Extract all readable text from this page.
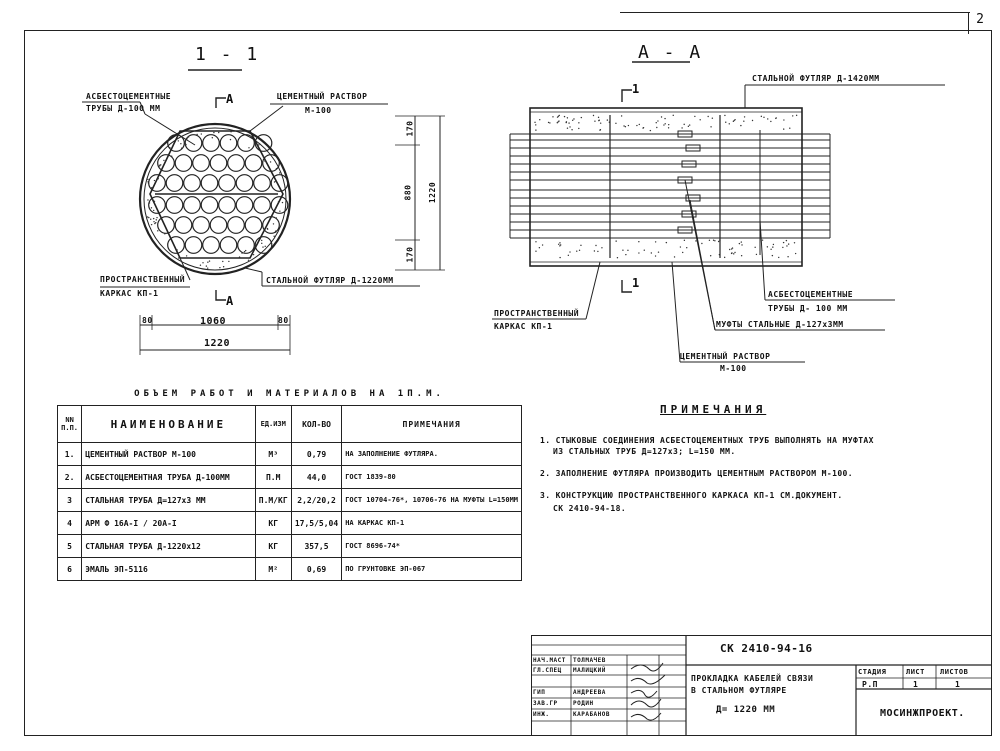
2
1 - 1
АСБЕСТОЦЕМЕНТНЫЕ
ТРУБЫ Д-100 ММ
ЦЕМЕНТНЫЙ РАСТВОР
М-100
ПРОСТРАНСТВЕННЫЙ
КАРКАС КП-1
СТАЛЬНОЙ ФУТЛЯР Д-1220ММ
А
А
170
880
170
1220
80	1060	80
1220
А - А
СТАЛЬНОЙ ФУТЛЯР Д-1420ММ
1
1
ПРОСТРАНСТВЕННЫЙ
КАРКАС КП-1
АСБЕСТОЦЕМЕНТНЫЕ
ТРУБЫ Д- 100 ММ
МУФТЫ СТАЛЬНЫЕ Д-127х3ММ
ЦЕМЕНТНЫЙ РАСТВОР
М-100
ОБЪЕМ РАБОТ И МАТЕРИАЛОВ НА 1П.М.				
NN П.П.	НАИМЕНОВАНИЕ	ЕД.ИЗМ	КОЛ-ВО	ПРИМЕЧАНИЯ
1.	ЦЕМЕНТНЫЙ РАСТВОР М-100	М³	0,79	НА ЗАПОЛНЕНИЕ ФУТЛЯРА.
2.	АСБЕСТОЦЕМЕНТНАЯ ТРУБА Д-100ММ	П.М	44,0	ГОСТ 1839-80
3	СТАЛЬНАЯ ТРУБА Д=127х3 ММ	П.М/КГ	2,2/20,2	ГОСТ 10704-76*, 10706-76 НА МУФТЫ L=150ММ
4	АРМ Ф 16А-I / 20А-I	КГ	17,5/5,04	НА КАРКАС КП-1
5	СТАЛЬНАЯ ТРУБА Д-1220х12	КГ	357,5	ГОСТ 8696-74*
6	ЭМАЛЬ ЭП-5116	М²	0,69	ПО ГРУНТОВКЕ ЭП-067
ПРИМЕЧАНИЯ
1. СТЫКОВЫЕ СОЕДИНЕНИЯ АСБЕСТОЦЕМЕНТНЫХ ТРУБ ВЫПОЛНЯТЬ НА МУФТАХ
ИЗ СТАЛЬНЫХ ТРУБ Д=127х3; L=150 ММ.
2. ЗАПОЛНЕНИЕ ФУТЛЯРА ПРОИЗВОДИТЬ ЦЕМЕНТНЫМ РАСТВОРОМ М-100.
3. КОНСТРУКЦИЮ ПРОСТРАНСТВЕННОГО КАРКАСА КП-1 СМ.ДОКУМЕНТ.
СК 2410-94-18.
СК 2410-94-16
ПРОКЛАДКА КАБЕЛЕЙ СВЯЗИ
В СТАЛЬНОМ ФУТЛЯРЕ
Д= 1220 ММ
СТАДИЯ	ЛИСТ ЛИСТОВ
Р.П	1	1
МОСИНЖПРОЕКТ.
НАЧ.МАСТ ТОЛМАЧЕВ
ГЛ.СПЕЦ МАЛИЦКИЙ
ГИП	АНДРЕЕВА
ЗАВ.ГР	РОДИН
ИНЖ.	КАРАБАНОВ
